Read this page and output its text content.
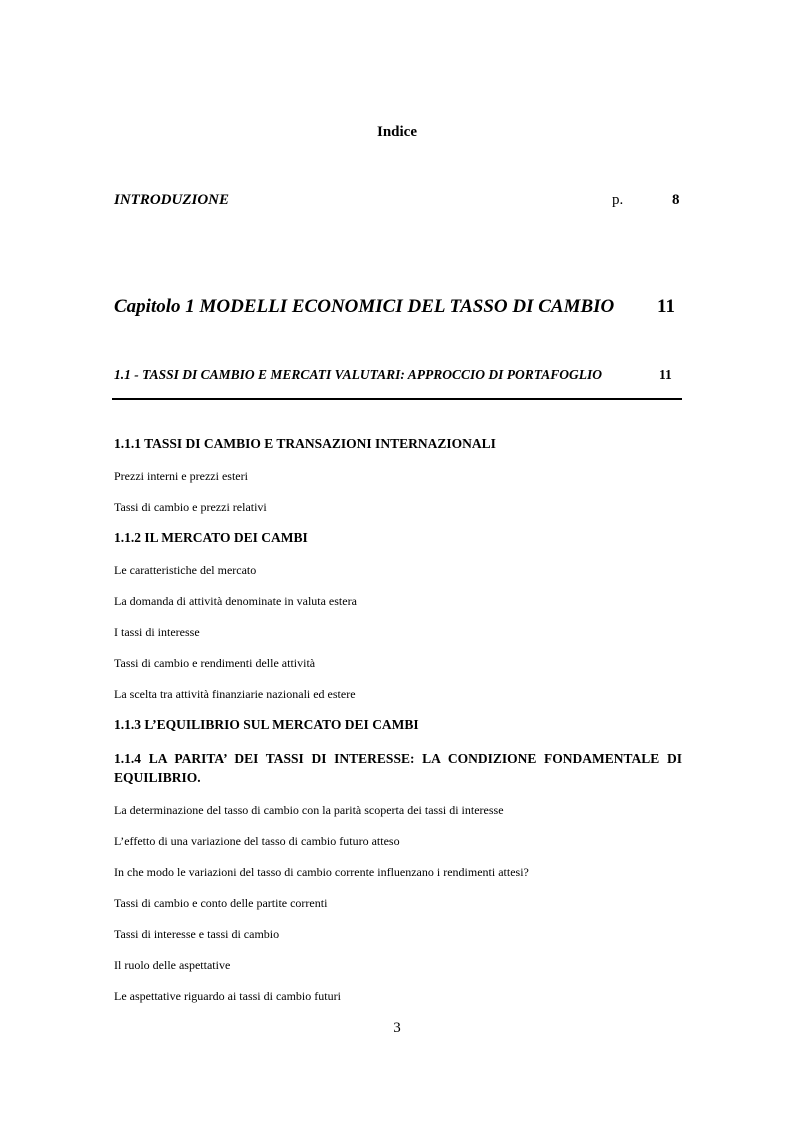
Indice
INTRODUZIONE	p.	8
Capitolo 1 MODELLI ECONOMICI DEL TASSO DI CAMBIO 11
1.1 - TASSI DI CAMBIO E MERCATI VALUTARI: APPROCCIO DI PORTAFOGLIO	11
1.1.1 TASSI DI CAMBIO E TRANSAZIONI INTERNAZIONALI
Prezzi interni e prezzi esteri
Tassi di cambio e prezzi relativi
1.1.2 IL MERCATO DEI CAMBI
Le caratteristiche del mercato
La domanda di attività denominate in valuta estera
I tassi di interesse
Tassi di cambio e rendimenti delle attività
La scelta tra attività finanziarie nazionali ed estere
1.1.3 L’EQUILIBRIO SUL MERCATO DEI CAMBI
1.1.4 LA PARITA’ DEI TASSI DI INTERESSE: LA CONDIZIONE FONDAMENTALE DI EQUILIBRIO.
La determinazione del tasso di cambio con la parità scoperta dei tassi di interesse
L’effetto di una variazione del tasso di cambio futuro atteso
In che modo le variazioni del tasso di cambio corrente influenzano i rendimenti attesi?
Tassi di cambio e conto delle partite correnti
Tassi di interesse e tassi di cambio
Il ruolo delle aspettative
Le aspettative riguardo ai tassi di cambio futuri
3
